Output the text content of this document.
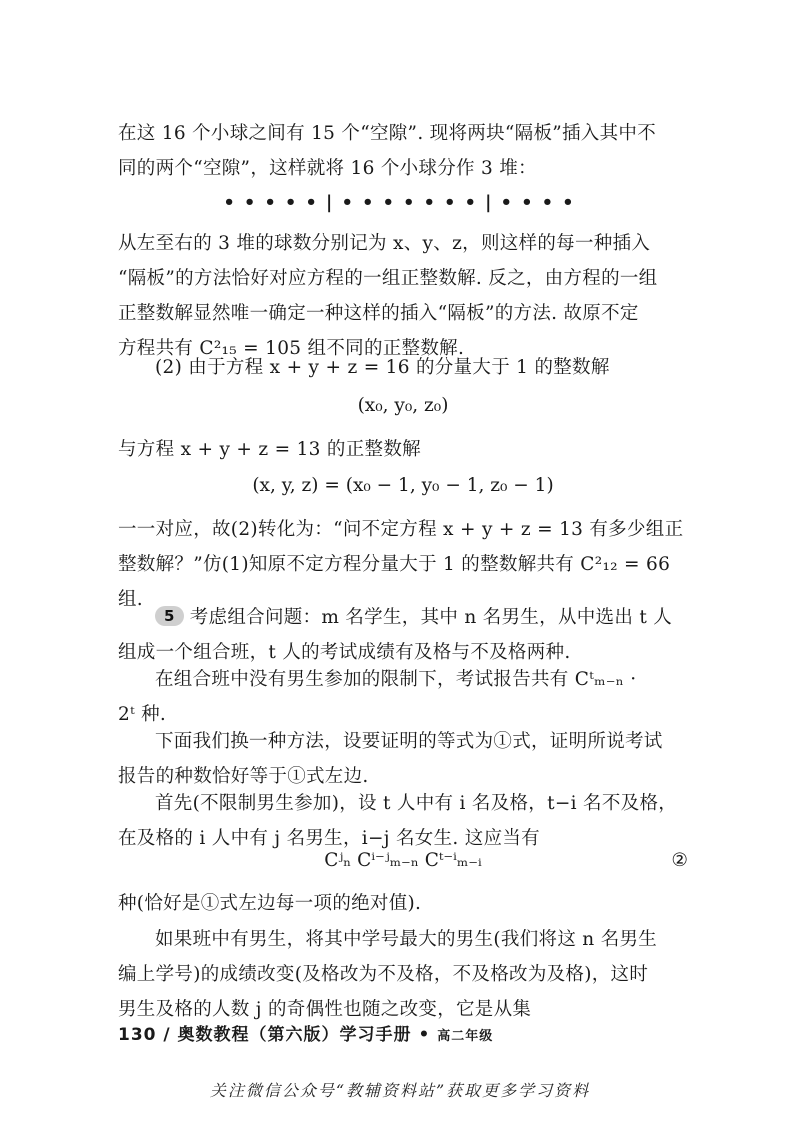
在这 16 个小球之间有 15 个“空隙”. 现将两块“隔板”插入其中不
同的两个“空隙”，这样就将 16 个小球分作 3 堆：

•••••|•••••••|••••

从左至右的 3 堆的球数分别记为 x、y、z，则这样的每一种插入
“隔板”的方法恰好对应方程的一组正整数解. 反之，由方程的一组
正整数解显然唯一确定一种这样的插入“隔板”的方法. 故原不定
方程共有 C²₁₅ = 105 组不同的正整数解.

(2) 由于方程 x + y + z = 16 的分量大于 1 的整数解

(x₀, y₀, z₀)

与方程 x + y + z = 13 的正整数解

(x, y, z) = (x₀ − 1, y₀ − 1, z₀ − 1)

一一对应，故(2)转化为：“问不定方程 x + y + z = 13 有多少组正
整数解？”仿(1)知原不定方程分量大于 1 的整数解共有 C²₁₂ = 66
组.

5 考虑组合问题：m 名学生，其中 n 名男生，从中选出 t 人
组成一个组合班，t 人的考试成绩有及格与不及格两种.

在组合班中没有男生参加的限制下，考试报告共有 Cᵗₘ₋ₙ ·
2ᵗ 种.

下面我们换一种方法，设要证明的等式为①式，证明所说考试
报告的种数恰好等于①式左边.

首先(不限制男生参加)，设 t 人中有 i 名及格，t−i 名不及格，
在及格的 i 人中有 j 名男生，i−j 名女生. 这应当有

Cʲₙ Cⁱ⁻ʲₘ₋ₙ Cᵗ⁻ⁱₘ₋ᵢ	②

种(恰好是①式左边每一项的绝对值).

如果班中有男生，将其中学号最大的男生(我们将这 n 名男生
编上学号)的成绩改变(及格改为不及格，不及格改为及格)，这时
男生及格的人数 j 的奇偶性也随之改变，它是从集

130 / 奥数教程（第六版）学习手册 • 高二年级
关注微信公众号“教辅资料站”获取更多学习资料
